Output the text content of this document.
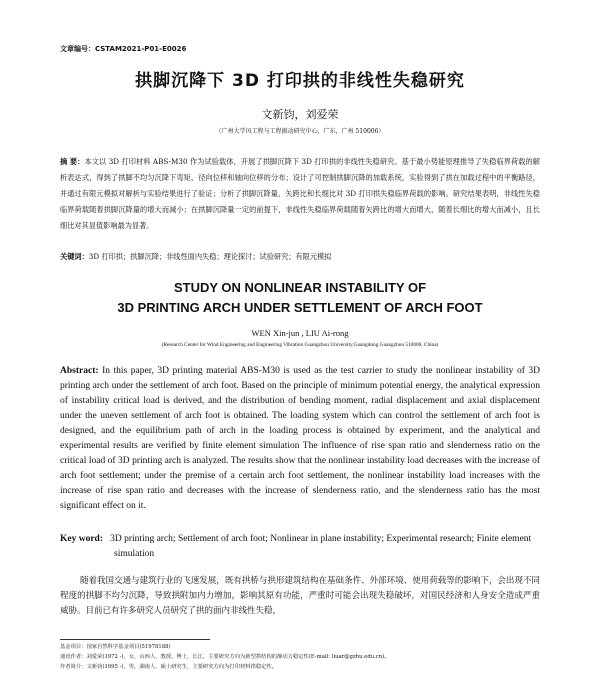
文章编号：CSTAM2021-P01-E0026
拱脚沉降下 3D 打印拱的非线性失稳研究
文新钧，刘爱荣
（广州大学风工程与工程振动研究中心，广东，广州 510006）
摘 要：本文以 3D 打印材料 ABS-M30 作为试验载体，开展了拱脚沉降下 3D 打印拱的非线性失稳研究。基于最小势能原理推导了失稳临界荷载的解析表达式，得到了拱脚不均匀沉降下弯矩、径向位移和轴向位移的分布；设计了可控制拱脚沉降的加载系统，实验得到了拱在加载过程中的平衡路径，并通过有限元模拟对解析与实验结果进行了验证；分析了拱脚沉降量、矢跨比和长细比对 3D 打印拱失稳临界荷载的影响。研究结果表明，非线性失稳临界荷载随着拱脚沉降量的增大而减小；在拱脚沉降量一定的前提下，非线性失稳临界荷载随着矢跨比的增大而增大，随着长细比的增大而减小，且长细比对其显值影响最为显著。
关键词：3D 打印拱；拱脚沉降；非线性面内失稳；理论探讨；试验研究；有限元模拟
STUDY ON NONLINEAR INSTABILITY OF
3D PRINTING ARCH UNDER SETTLEMENT OF ARCH FOOT
WEN Xin-jun , LIU Ai-rong
(Research Center for Wind Engineering and Engineering Vibration Guangzhou University,Guangdong Guangzhou 510006, China)
Abstract: In this paper, 3D printing material ABS-M30 is used as the test carrier to study the nonlinear instability of 3D printing arch under the settlement of arch foot. Based on the principle of minimum potential energy, the analytical expression of instability critical load is derived, and the distribution of bending moment, radial displacement and axial displacement under the uneven settlement of arch foot is obtained. The loading system which can control the settlement of arch foot is designed, and the equilibrium path of arch in the loading process is obtained by experiment, and the analytical and experimental results are verified by finite element simulation The influence of rise span ratio and slenderness ratio on the critical load of 3D printing arch is analyzed. The results show that the nonlinear instability load decreases with the increase of arch foot settlement; under the premise of a certain arch foot settlement, the nonlinear instability load increases with the increase of rise span ratio and decreases with the increase of slenderness ratio, and the slenderness ratio has the most significant effect on it.
Key word: 3D printing arch; Settlement of arch foot; Nonlinear in plane instability; Experimental research; Finite element simulation
随着我国交通与建筑行业的飞速发展，既有拱桥与拱形建筑结构在基础条件、外部环境、使用荷载等的影响下，会出现不同程度的拱脚不均匀沉降，导致拱附加内力增加，影响其原有功能，严重时可能会出现失稳破坏，对国民经济和人身安全造成严重威胁。目前已有许多研究人员研究了拱的面内非线性失稳，
基金项目：国家自然科学基金项目(51978188)
通讯作者：刘爱荣(1972 -)，女，山西人，教授，博士，长江，主要研究方向为新型拱结构的静动力稳定性(E-mail: liuar@gzhu.edu.cn)。
作者简介：文新钧(1995 -)，男，湖南人，硕士研究生，主要研究方向为打印材料拱稳定性。
